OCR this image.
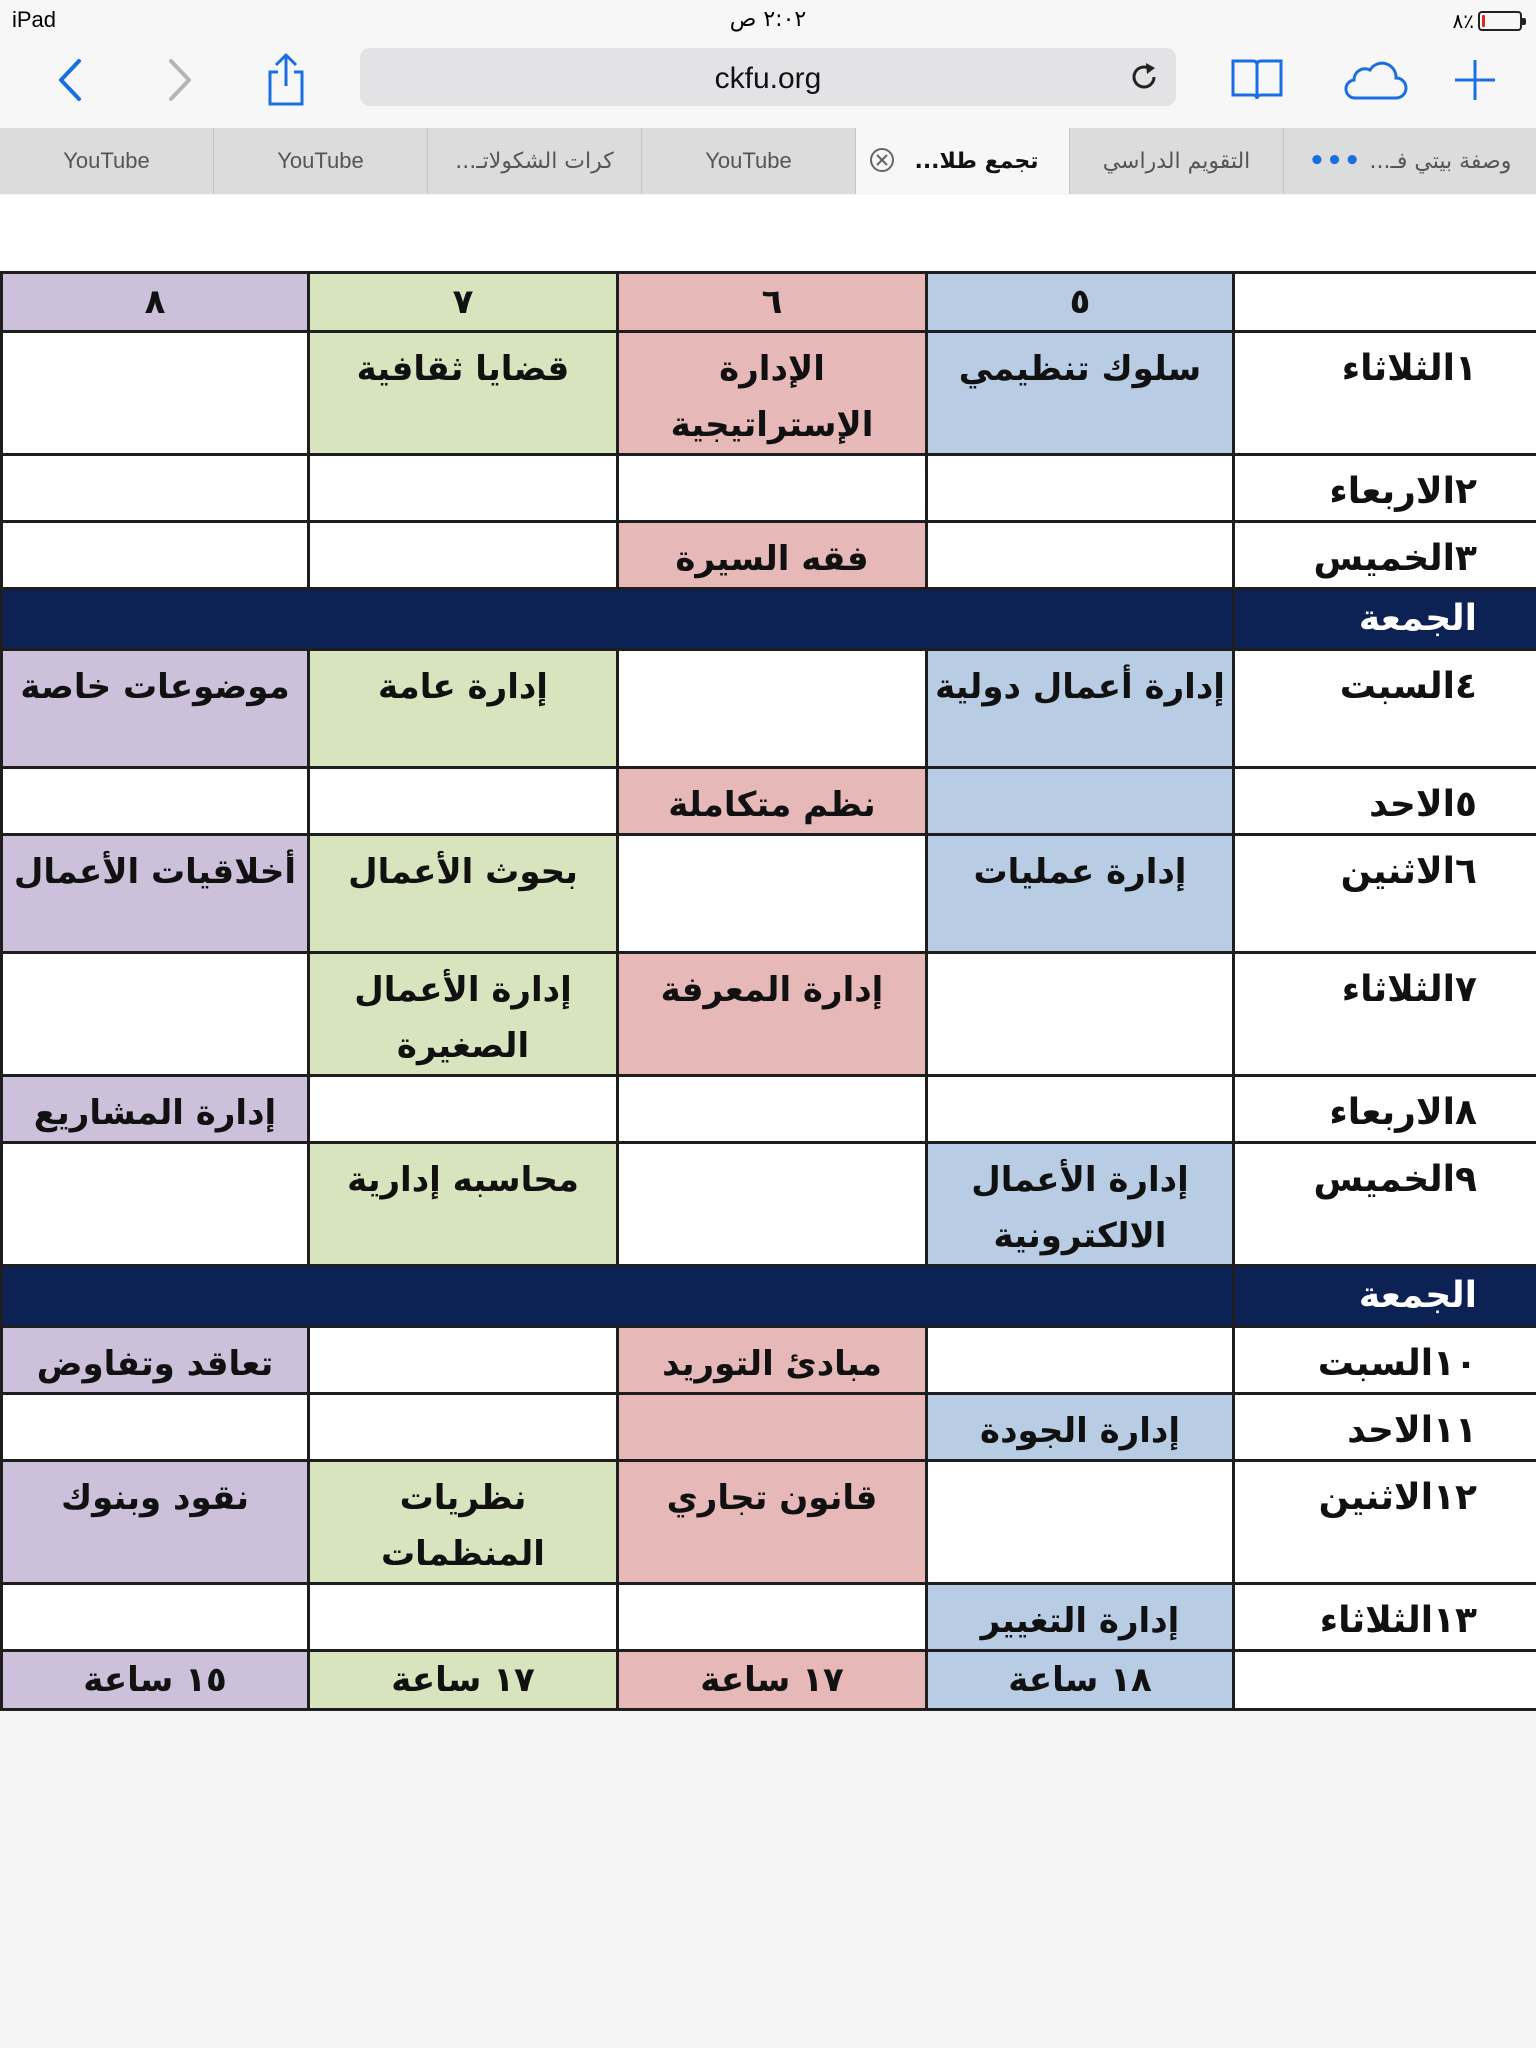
iPad	٢:٠٢ ص	٨٪
ckfu.org
YouTube	YouTube	كرات الشكولاتـ...	YouTube	تجمع طلا...	التقويم الدراسي ••• وصفة بيتي فـ...
٨	٧	٦	٥	
	قضايا ثقافية	الإدارة الإستراتيجية	سلوك تنظيمي	١الثلاثاء
				٢الاربعاء
		فقه السيرة		٣الخميس
				الجمعة
موضوعات خاصة	إدارة عامة		إدارة أعمال دولية	٤السبت
		نظم متكاملة		٥الاحد
أخلاقيات الأعمال	بحوث الأعمال		إدارة عمليات	٦الاثنين
	إدارة الأعمال الصغيرة	إدارة المعرفة		٧الثلاثاء
إدارة المشاريع				٨الاربعاء
	محاسبه إدارية		إدارة الأعمال الالكترونية	٩الخميس
				الجمعة
تعاقد وتفاوض		مبادئ التوريد		١٠السبت
			إدارة الجودة	١١الاحد
نقود وبنوك	نظريات المنظمات	قانون تجاري		١٢الاثنين
			إدارة التغيير	١٣الثلاثاء
١٥ ساعة	١٧ ساعة	١٧ ساعة	١٨ ساعة	
